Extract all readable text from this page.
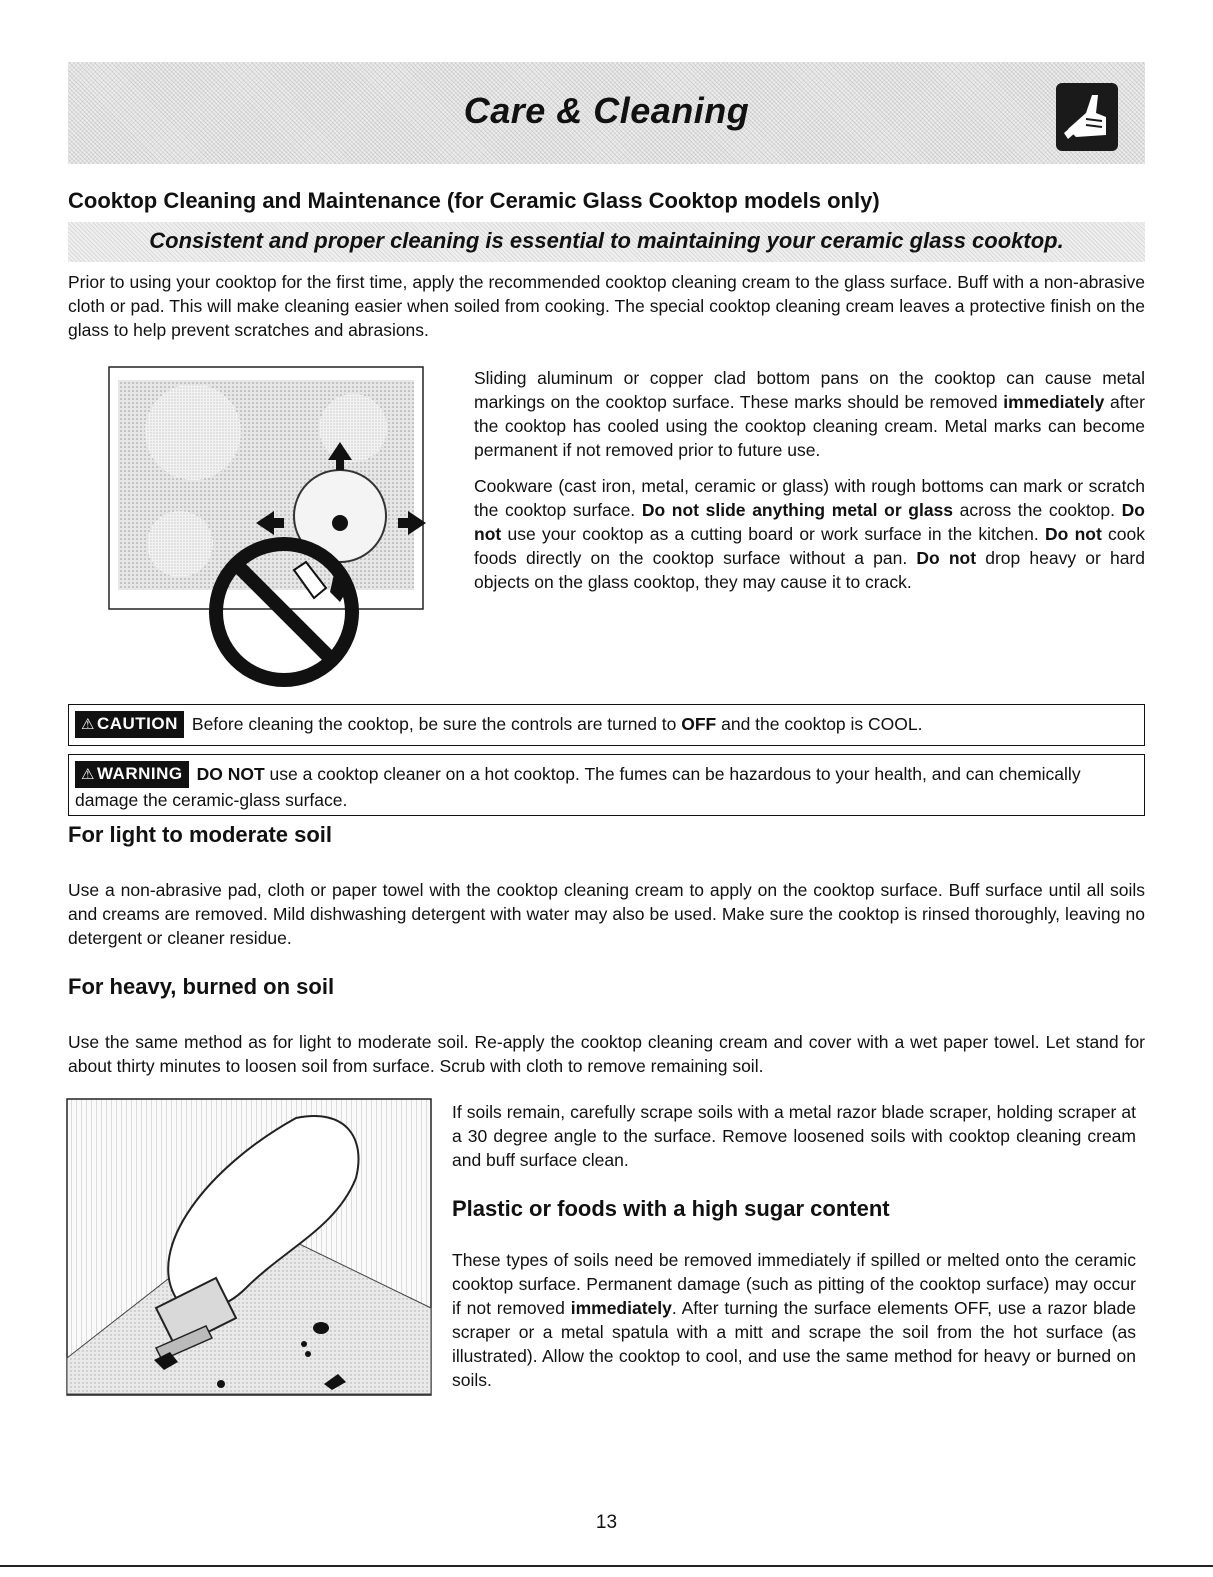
Care & Cleaning
Cooktop Cleaning and Maintenance (for Ceramic Glass Cooktop models only)
Consistent and proper cleaning is essential to maintaining your ceramic glass cooktop.

Prior to using your cooktop for the first time, apply the recommended cooktop cleaning cream to the glass surface. Buff with a non-abrasive cloth or pad. This will make cleaning easier when soiled from cooking. The special cooktop cleaning cream leaves a protective finish on the glass to help prevent scratches and abrasions.

Sliding aluminum or copper clad bottom pans on the cooktop can cause metal markings on the cooktop surface. These marks should be removed immediately after the cooktop has cooled using the cooktop cleaning cream. Metal marks can become permanent if not removed prior to future use.

Cookware (cast iron, metal, ceramic or glass) with rough bottoms can mark or scratch the cooktop surface. Do not slide anything metal or glass across the cooktop. Do not use your cooktop as a cutting board or work surface in the kitchen. Do not cook foods directly on the cooktop surface without a pan. Do not drop heavy or hard objects on the glass cooktop, they may cause it to crack.

⚠ CAUTION Before cleaning the cooktop, be sure the controls are turned to OFF and the cooktop is COOL.
⚠ WARNING DO NOT use a cooktop cleaner on a hot cooktop. The fumes can be hazardous to your health, and can chemically damage the ceramic-glass surface.
For light to moderate soil

Use a non-abrasive pad, cloth or paper towel with the cooktop cleaning cream to apply on the cooktop surface. Buff surface until all soils and creams are removed. Mild dishwashing detergent with water may also be used. Make sure the cooktop is rinsed thoroughly, leaving no detergent or cleaner residue.

For heavy, burned on soil

Use the same method as for light to moderate soil. Re-apply the cooktop cleaning cream and cover with a wet paper towel. Let stand for about thirty minutes to loosen soil from surface. Scrub with cloth to remove remaining soil.

If soils remain, carefully scrape soils with a metal razor blade scraper, holding scraper at a 30 degree angle to the surface. Remove loosened soils with cooktop cleaning cream and buff surface clean.

Plastic or foods with a high sugar content

These types of soils need be removed immediately if spilled or melted onto the ceramic cooktop surface. Permanent damage (such as pitting of the cooktop surface) may occur if not removed immediately. After turning the surface elements OFF, use a razor blade scraper or a metal spatula with a mitt and scrape the soil from the hot surface (as illustrated). Allow the cooktop to cool, and use the same method for heavy or burned on soils.

13
